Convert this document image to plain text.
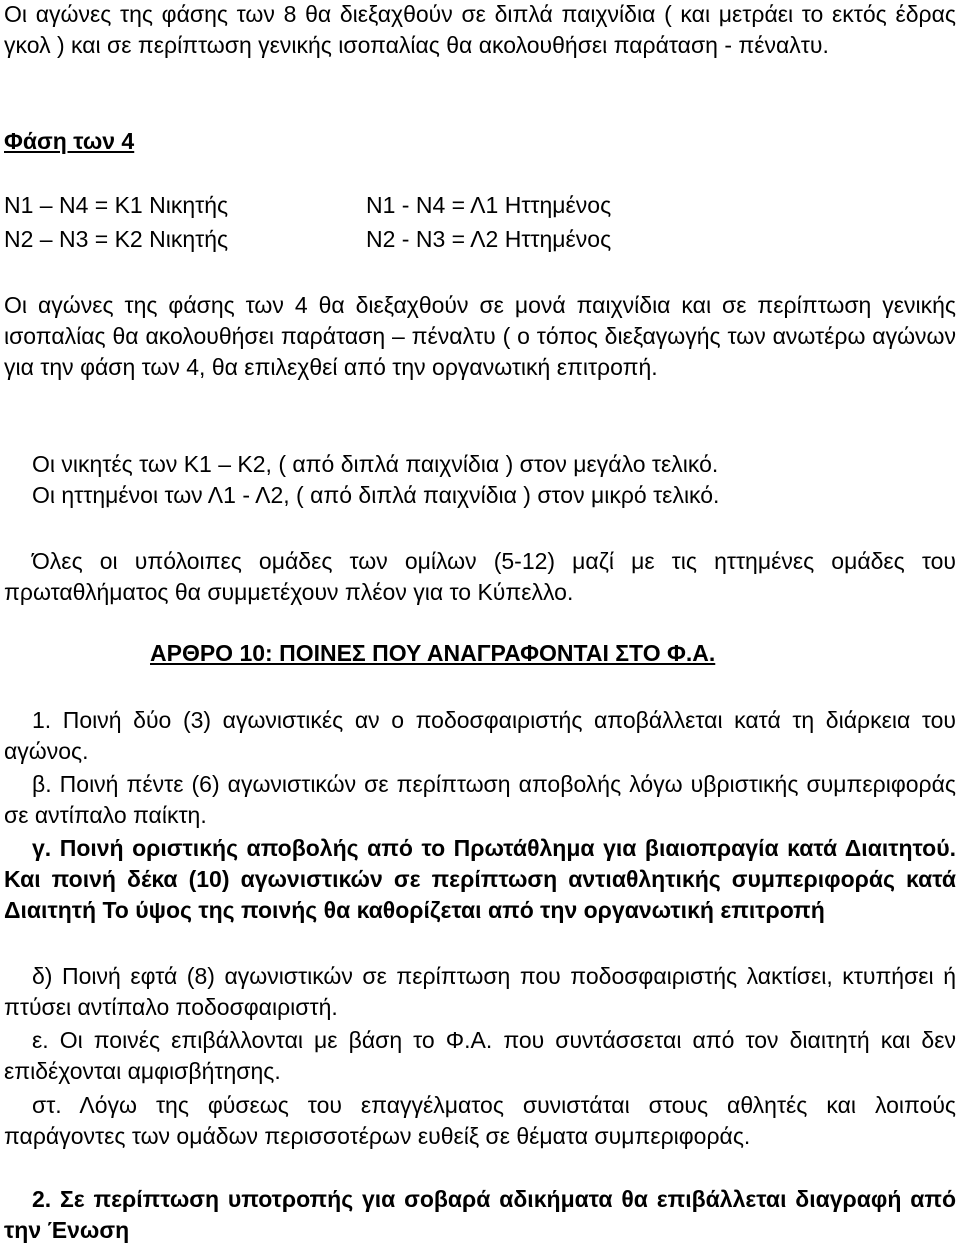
Οι αγώνες της φάσης των 8 θα διεξαχθούν σε διπλά παιχνίδια ( και μετράει το εκτός έδρας γκολ ) και σε περίπτωση γενικής ισοπαλίας θα ακολουθήσει παράταση - πέναλτυ.

Φάση των 4

Ν1 – Ν4 = Κ1 Νικητής	Ν1 - Ν4 = Λ1 Ηττημένος
Ν2 – Ν3 = Κ2 Νικητής	Ν2 - Ν3 = Λ2 Ηττημένος

Οι αγώνες της φάσης των 4 θα διεξαχθούν σε μονά παιχνίδια και σε περίπτωση γενικής ισοπαλίας θα ακολουθήσει παράταση – πέναλτυ ( ο τόπος διεξαγωγής των ανωτέρω αγώνων για την φάση των 4, θα επιλεχθεί από την οργανωτική επιτροπή.

Οι νικητές των Κ1 – Κ2, ( από διπλά παιχνίδια ) στον μεγάλο τελικό.

Οι ηττημένοι των Λ1 - Λ2, ( από διπλά παιχνίδια ) στον μικρό τελικό.

Όλες οι υπόλοιπες ομάδες των ομίλων (5-12) μαζί με τις ηττημένες ομάδες του πρωταθλήματος θα συμμετέχουν πλέον για το Κύπελλο.

ΑΡΘΡΟ 10: ΠΟΙΝΕΣ ΠΟΥ ΑΝΑΓΡΑΦΟΝΤΑΙ ΣΤΟ Φ.Α.

1. Ποινή δύο (3) αγωνιστικές αν ο ποδοσφαιριστής αποβάλλεται κατά τη διάρκεια του αγώνος.

β. Ποινή πέντε (6) αγωνιστικών σε περίπτωση αποβολής λόγω υβριστικής συμπεριφοράς σε αντίπαλο παίκτη.

γ. Ποινή οριστικής αποβολής από το Πρωτάθλημα για βιαιοπραγία κατά Διαιτητού. Και ποινή δέκα (10) αγωνιστικών σε περίπτωση αντιαθλητικής συμπεριφοράς κατά Διαιτητή Το ύψος της ποινής θα καθορίζεται από την οργανωτική επιτροπή

δ) Ποινή εφτά (8) αγωνιστικών σε περίπτωση που ποδοσφαιριστής λακτίσει, κτυπήσει ή πτύσει αντίπαλο ποδοσφαιριστή.

ε. Οι ποινές επιβάλλονται με βάση το Φ.Α. που συντάσσεται από τον διαιτητή και δεν επιδέχονται αμφισβήτησης.

στ. Λόγω της φύσεως του επαγγέλματος συνιστάται στους αθλητές και λοιπούς παράγοντες των ομάδων περισσοτέρων ευθείξ σε θέματα συμπεριφοράς.

2. Σε περίπτωση υποτροπής για σοβαρά αδικήματα θα επιβάλλεται διαγραφή από την Ένωση
